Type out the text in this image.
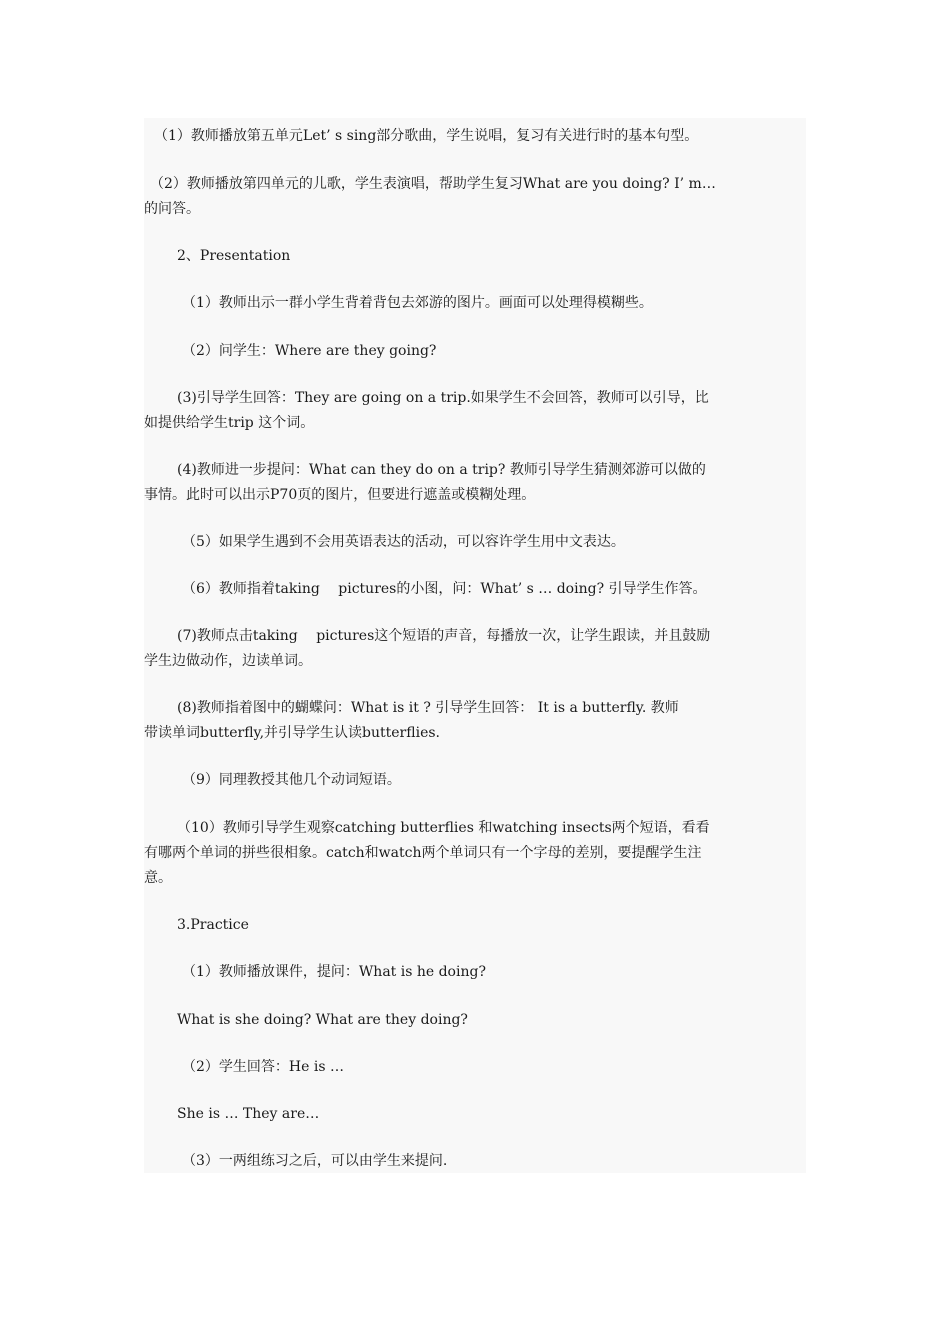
（1）教师播放第五单元Let’ s sing部分歌曲，学生说唱，复习有关进行时的基本句型。

（2）教师播放第四单元的儿歌，学生表演唱，帮助学生复习What are you doing? I’ m…
的问答。

2、Presentation

（1）教师出示一群小学生背着背包去郊游的图片。画面可以处理得模糊些。

（2）问学生：Where are they going?

(3)引导学生回答：They are going on a trip.如果学生不会回答，教师可以引导，比
如提供给学生trip 这个词。

(4)教师进一步提问：What can they do on a trip? 教师引导学生猜测郊游可以做的
事情。此时可以出示P70页的图片，但要进行遮盖或模糊处理。

（5）如果学生遇到不会用英语表达的活动，可以容许学生用中文表达。

（6）教师指着taking　 pictures的小图，问：What’ s … doing? 引导学生作答。

(7)教师点击taking　 pictures这个短语的声音，每播放一次，让学生跟读，并且鼓励
学生边做动作，边读单词。

(8)教师指着图中的蝴蝶问：What is it ? 引导学生回答： It is a butterfly. 教师
带读单词butterfly,并引导学生认读butterflies.

（9）同理教授其他几个动词短语。

（10）教师引导学生观察catching butterflies 和watching insects两个短语，看看
有哪两个单词的拼些很相象。catch和watch两个单词只有一个字母的差别，要提醒学生注
意。

3.Practice

（1）教师播放课件，提问：What is he doing?

What is she doing? What are they doing?

（2）学生回答：He is …

She is … They are…

（3）一两组练习之后，可以由学生来提问.
